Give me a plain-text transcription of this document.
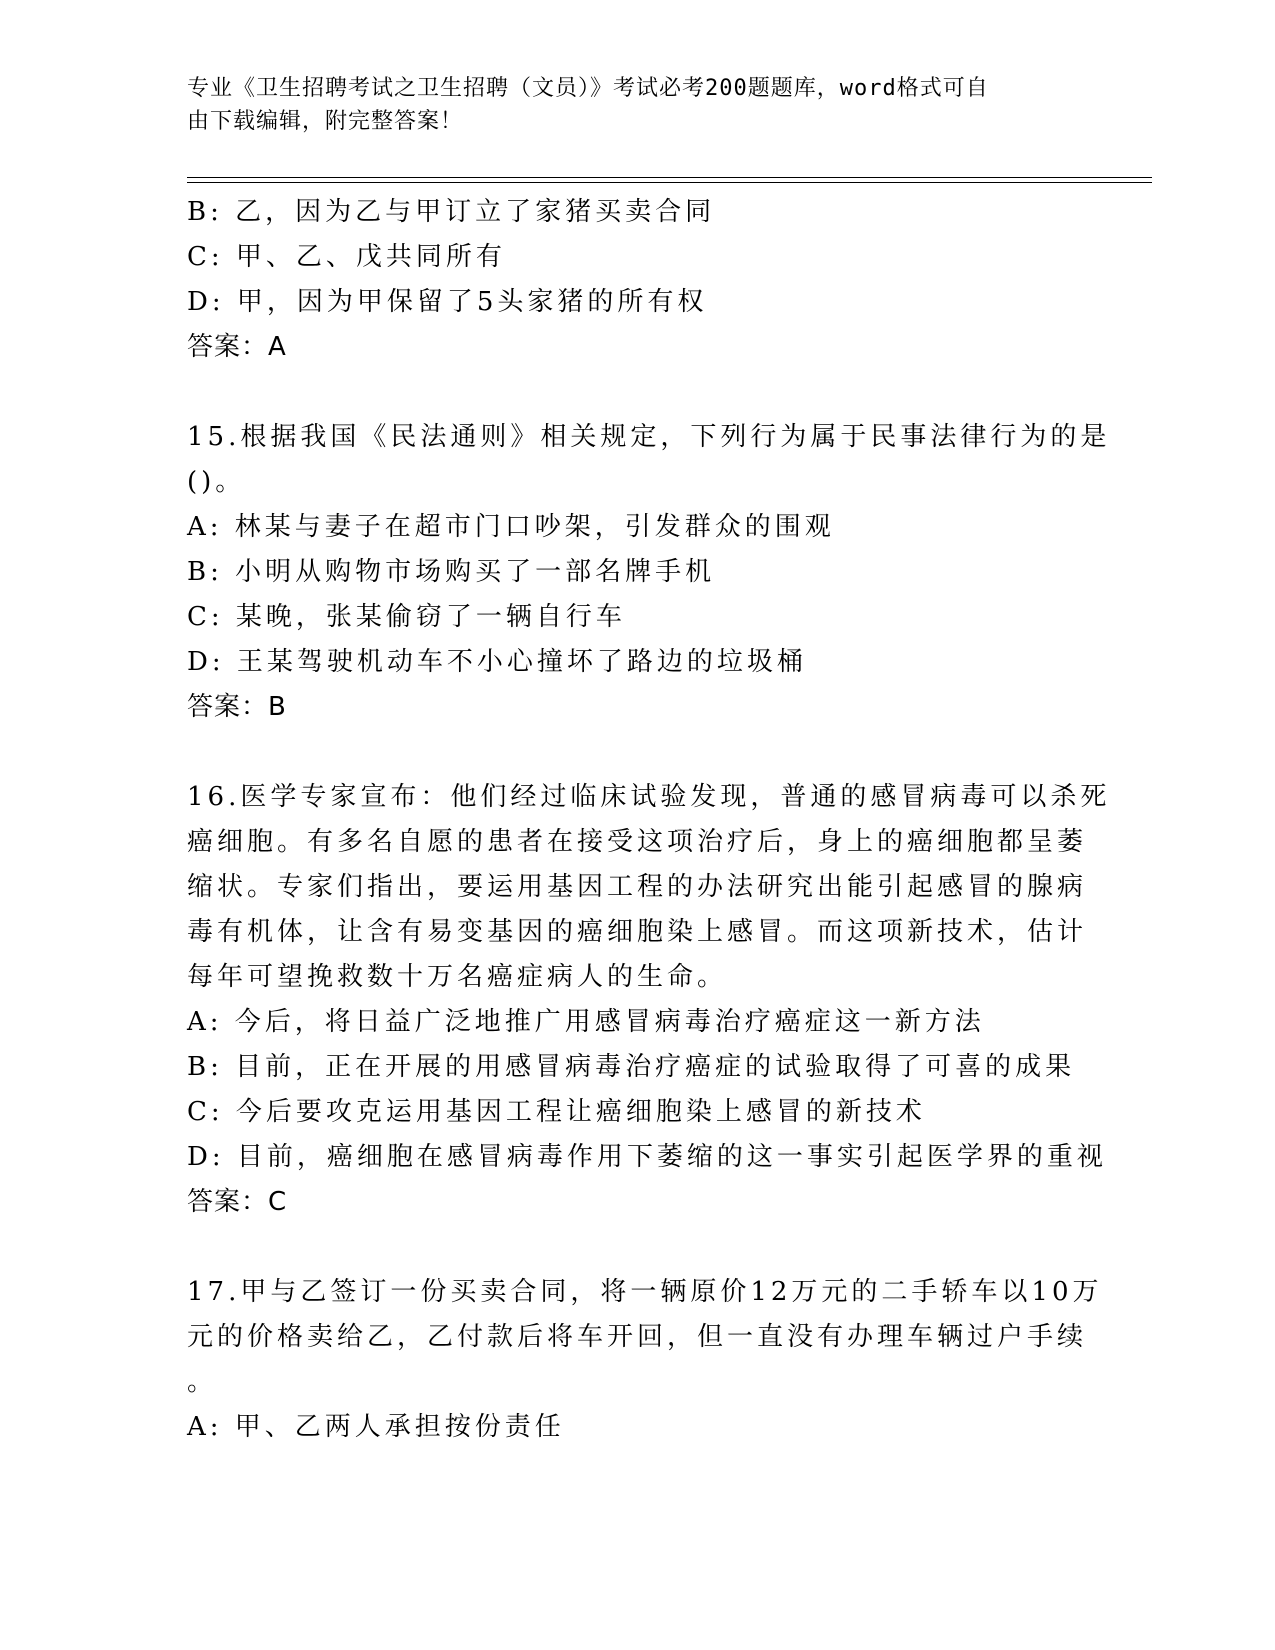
专业《卫生招聘考试之卫生招聘（文员）》考试必考200题题库，word格式可自
由下载编辑，附完整答案！
B: 乙，因为乙与甲订立了家猪买卖合同
C: 甲、乙、戊共同所有
D: 甲，因为甲保留了5头家猪的所有权
答案：A
15.根据我国《民法通则》相关规定，下列行为属于民事法律行为的是
()。
A: 林某与妻子在超市门口吵架，引发群众的围观
B: 小明从购物市场购买了一部名牌手机
C: 某晚，张某偷窃了一辆自行车
D: 王某驾驶机动车不小心撞坏了路边的垃圾桶
答案：B
16.医学专家宣布：他们经过临床试验发现，普通的感冒病毒可以杀死
癌细胞。有多名自愿的患者在接受这项治疗后，身上的癌细胞都呈萎
缩状。专家们指出，要运用基因工程的办法研究出能引起感冒的腺病
毒有机体，让含有易变基因的癌细胞染上感冒。而这项新技术，估计
每年可望挽救数十万名癌症病人的生命。
A: 今后，将日益广泛地推广用感冒病毒治疗癌症这一新方法
B: 目前，正在开展的用感冒病毒治疗癌症的试验取得了可喜的成果
C: 今后要攻克运用基因工程让癌细胞染上感冒的新技术
D: 目前，癌细胞在感冒病毒作用下萎缩的这一事实引起医学界的重视
答案：C
17.甲与乙签订一份买卖合同，将一辆原价12万元的二手轿车以10万
元的价格卖给乙，乙付款后将车开回，但一直没有办理车辆过户手续
。
A: 甲、乙两人承担按份责任
